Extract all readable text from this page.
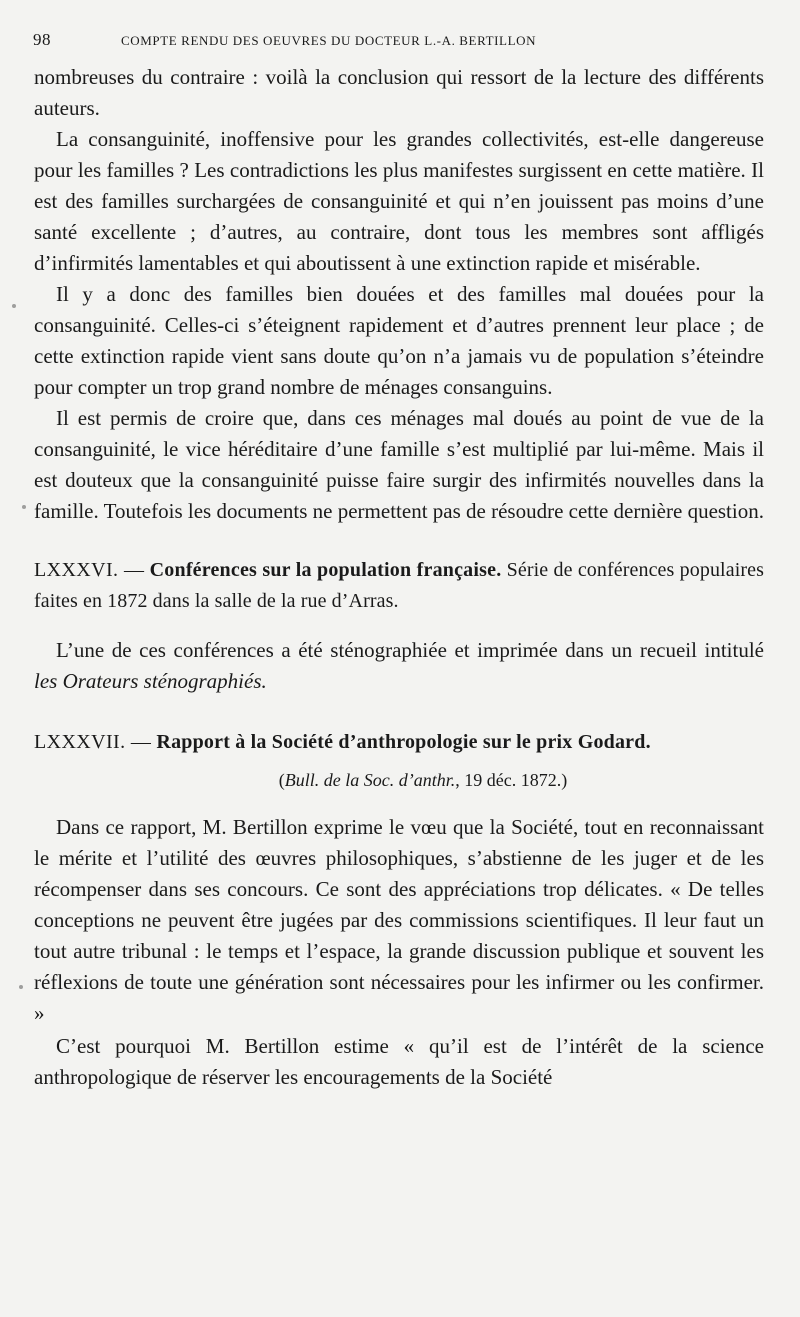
98	COMPTE RENDU DES OEUVRES DU DOCTEUR L.-A. BERTILLON

nombreuses du contraire : voilà la conclusion qui ressort de la lecture des différents auteurs.

La consanguinité, inoffensive pour les grandes collectivités, est-elle dangereuse pour les familles ? Les contradictions les plus manifestes surgissent en cette matière. Il est des familles surchargées de consanguinité et qui n’en jouissent pas moins d’une santé excellente ; d’autres, au contraire, dont tous les membres sont affligés d’infirmités lamentables et qui aboutissent à une extinction rapide et misérable.

Il y a donc des familles bien douées et des familles mal douées pour la consanguinité. Celles-ci s’éteignent rapidement et d’autres prennent leur place ; de cette extinction rapide vient sans doute qu’on n’a jamais vu de population s’éteindre pour compter un trop grand nombre de ménages consanguins.

Il est permis de croire que, dans ces ménages mal doués au point de vue de la consanguinité, le vice héréditaire d’une famille s’est multiplié par lui-même. Mais il est douteux que la consanguinité puisse faire surgir des infirmités nouvelles dans la famille. Toutefois les documents ne permettent pas de résoudre cette dernière question.

LXXXVI. — Conférences sur la population française. Série de conférences populaires faites en 1872 dans la salle de la rue d’Arras.

L’une de ces conférences a été sténographiée et imprimée dans un recueil intitulé les Orateurs sténographiés.

LXXXVII. — Rapport à la Société d’anthropologie sur le prix Godard.
(Bull. de la Soc. d’anthr., 19 déc. 1872.)

Dans ce rapport, M. Bertillon exprime le vœu que la Société, tout en reconnaissant le mérite et l’utilité des œuvres philosophiques, s’abstienne de les juger et de les récompenser dans ses concours. Ce sont des appréciations trop délicates. « De telles conceptions ne peuvent être jugées par des commissions scientifiques. Il leur faut un tout autre tribunal : le temps et l’espace, la grande discussion publique et souvent les réflexions de toute une génération sont nécessaires pour les infirmer ou les confirmer. »

C’est pourquoi M. Bertillon estime « qu’il est de l’intérêt de la science anthropologique de réserver les encouragements de la Société
